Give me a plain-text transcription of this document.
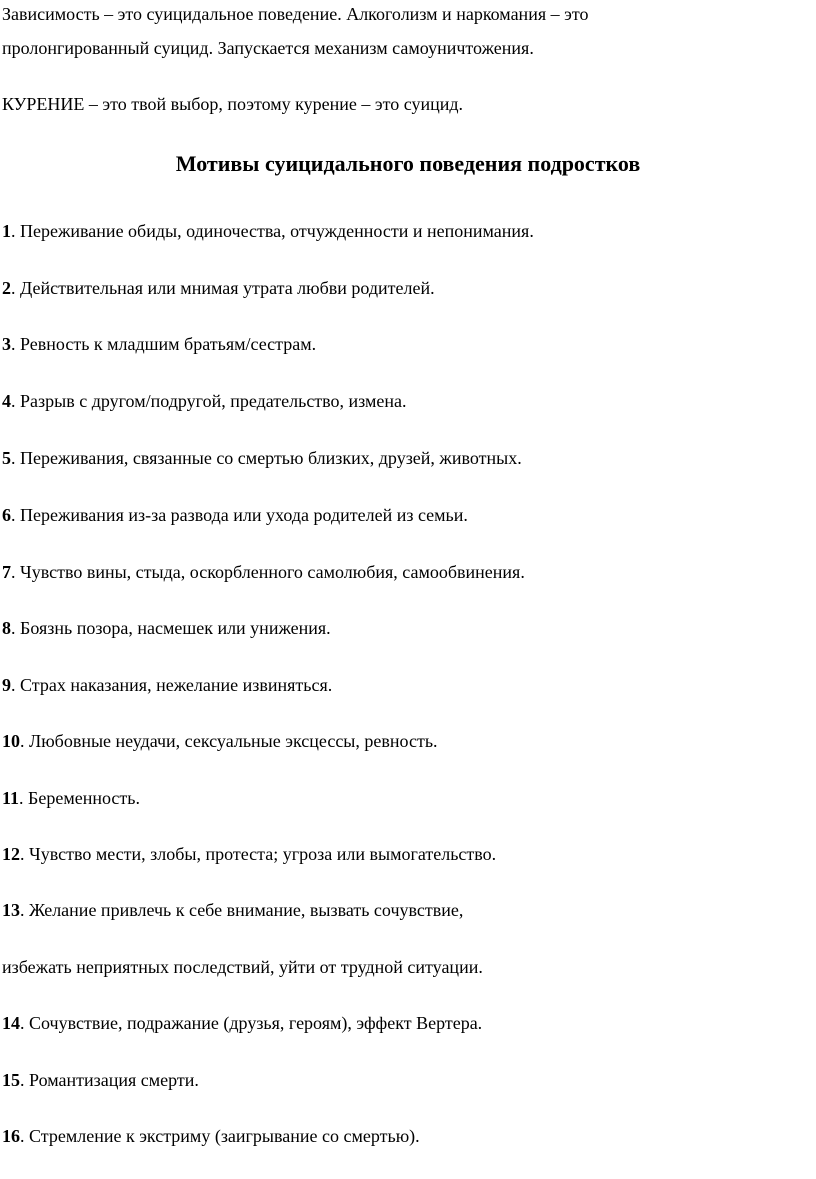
Зависимость – это суицидальное поведение. Алкоголизм и наркомания – это
пролонгированный суицид. Запускается механизм самоуничтожения.
КУРЕНИЕ – это твой выбор, поэтому курение – это суицид.
Мотивы суицидального поведения подростков
1. Переживание обиды, одиночества, отчужденности и непонимания.
2. Действительная или мнимая утрата любви родителей.
3. Ревность к младшим братьям/сестрам.
4. Разрыв с другом/подругой, предательство, измена.
5. Переживания, связанные со смертью близких, друзей, животных.
6. Переживания из-за развода или ухода родителей из семьи.
7. Чувство вины, стыда, оскорбленного самолюбия, самообвинения.
8. Боязнь позора, насмешек или унижения.
9. Страх наказания, нежелание извиняться.
10. Любовные неудачи, сексуальные эксцессы, ревность.
11. Беременность.
12. Чувство мести, злобы, протеста; угроза или вымогательство.
13. Желание привлечь к себе внимание, вызвать сочувствие,
избежать неприятных последствий, уйти от трудной ситуации.
14. Сочувствие, подражание (друзья, героям), эффект Вертера.
15. Романтизация смерти.
16. Стремление к экстриму (заигрывание со смертью).
